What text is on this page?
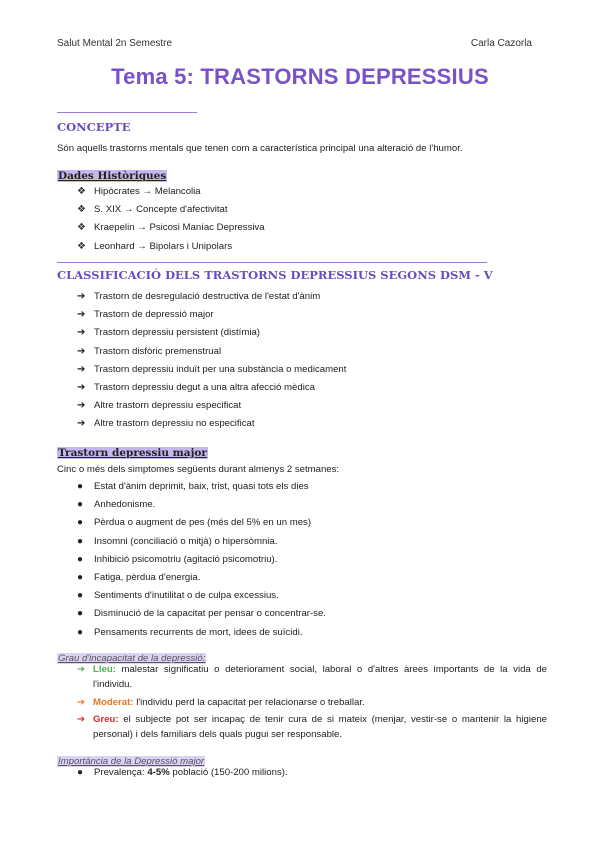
Salut Mental 2n Semestre	Carla Cazorla
Tema 5: TRASTORNS DEPRESSIUS
CONCEPTE
Són aquells trastorns mentals que tenen com a característica principal una alteració de l'humor.
Dades Històriques
❖ Hipòcrates → Melancolia
❖ S. XIX → Concepte d'afectivitat
❖ Kraepelin → Psicosi Maníac Depressiva
❖ Leonhard → Bipolars i Unipolars
CLASSIFICACIÓ DELS TRASTORNS DEPRESSIUS SEGONS DSM - V
➔ Trastorn de desregulació destructiva de l'estat d'ànim
➔ Trastorn de depressió major
➔ Trastorn depressiu persistent (distímia)
➔ Trastorn disfòric premenstrual
➔ Trastorn depressiu induït per una substància o medicament
➔ Trastorn depressiu degut a una altra afecció mèdica
➔ Altre trastorn depressiu especificat
➔ Altre trastorn depressiu no especificat
Trastorn depressiu major
Cinc o més dels simptomes següents durant almenys 2 setmanes:
●	Estat d'ànim deprimit, baix, trist, quasi tots els dies
●	Anhedonisme.
●	Pèrdua o augment de pes (més del 5% en un mes)
●	Insomni (conciliació o mitjà) o hipersòmnia.
●	Inhibició psicomotriu (agitació psicomotriu).
●	Fatiga, pèrdua d'energia.
●	Sentiments d'inutilitat o de culpa excessius.
●	Disminució de la capacitat per pensar o concentrar-se.
●	Pensaments recurrents de mort, idees de suïcidi.
Grau d'incapacitat de la depressió:
➔ Lleu: malestar significatiu o deteriorament social, laboral o d'altres àrees importants de la vida de l'individu.
➔ Moderat: l'individu perd la capacitat per relacionarse o treballar.
➔ Greu: el subjecte pot ser incapaç de tenir cura de si mateix (menjar, vestir-se o mantenir la higiene personal) i dels familiars dels quals pugui ser responsable.
Importància de la Depressió major
●	Prevalença: 4-5% població (150-200 milions).
